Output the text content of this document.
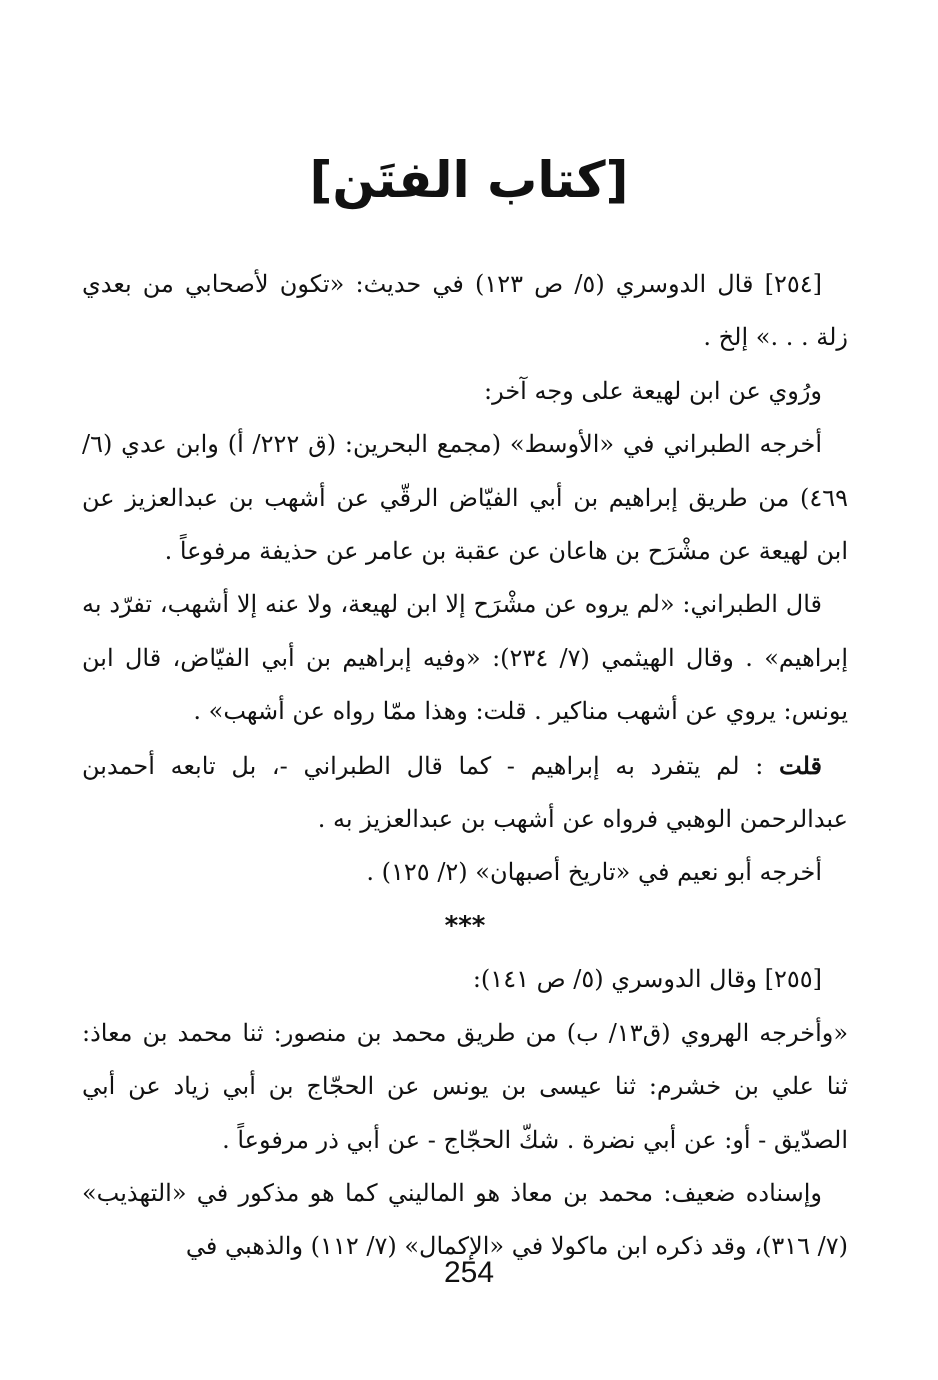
[كتاب الفتَن]

[٢٥٤] قال الدوسري (٥/ ص ١٢٣) في حديث: «تكون لأصحابي من بعدي زلة . . .» إلخ .

ورُوي عن ابن لهيعة على وجه آخر:

أخرجه الطبراني في «الأوسط» (مجمع البحرين: (ق ٢٢٢/ أ) وابن عدي (٦/ ٤٦٩) من طريق إبراهيم بن أبي الفيّاض الرقّي عن أشهب بن عبدالعزيز عن ابن لهيعة عن مشْرَح بن هاعان عن عقبة بن عامر عن حذيفة مرفوعاً .

قال الطبراني: «لم يروه عن مشْرَح إلا ابن لهيعة، ولا عنه إلا أشهب، تفرّد به إبراهيم» . وقال الهيثمي (٧/ ٢٣٤): «وفيه إبراهيم بن أبي الفيّاض، قال ابن يونس: يروي عن أشهب مناكير . قلت: وهذا ممّا رواه عن أشهب» .

قلت : لم يتفرد به إبراهيم - كما قال الطبراني -، بل تابعه أحمدبن عبدالرحمن الوهبي فرواه عن أشهب بن عبدالعزيز به .

أخرجه أبو نعيم في «تاريخ أصبهان» (٢/ ١٢٥) .

***

[٢٥٥] وقال الدوسري (٥/ ص ١٤١):

«وأخرجه الهروي (ق١٣/ ب) من طريق محمد بن منصور: ثنا محمد بن معاذ: ثنا علي بن خشرم: ثنا عيسى بن يونس عن الحجّاج بن أبي زياد عن أبي الصدّيق - أو: عن أبي نضرة . شكّ الحجّاج - عن أبي ذر مرفوعاً .

وإسناده ضعيف: محمد بن معاذ هو المالیني كما هو مذكور في «التهذيب» (٧/ ٣١٦)، وقد ذكره ابن ماكولا في «الإكمال» (٧/ ١١٢) والذهبي في

254
